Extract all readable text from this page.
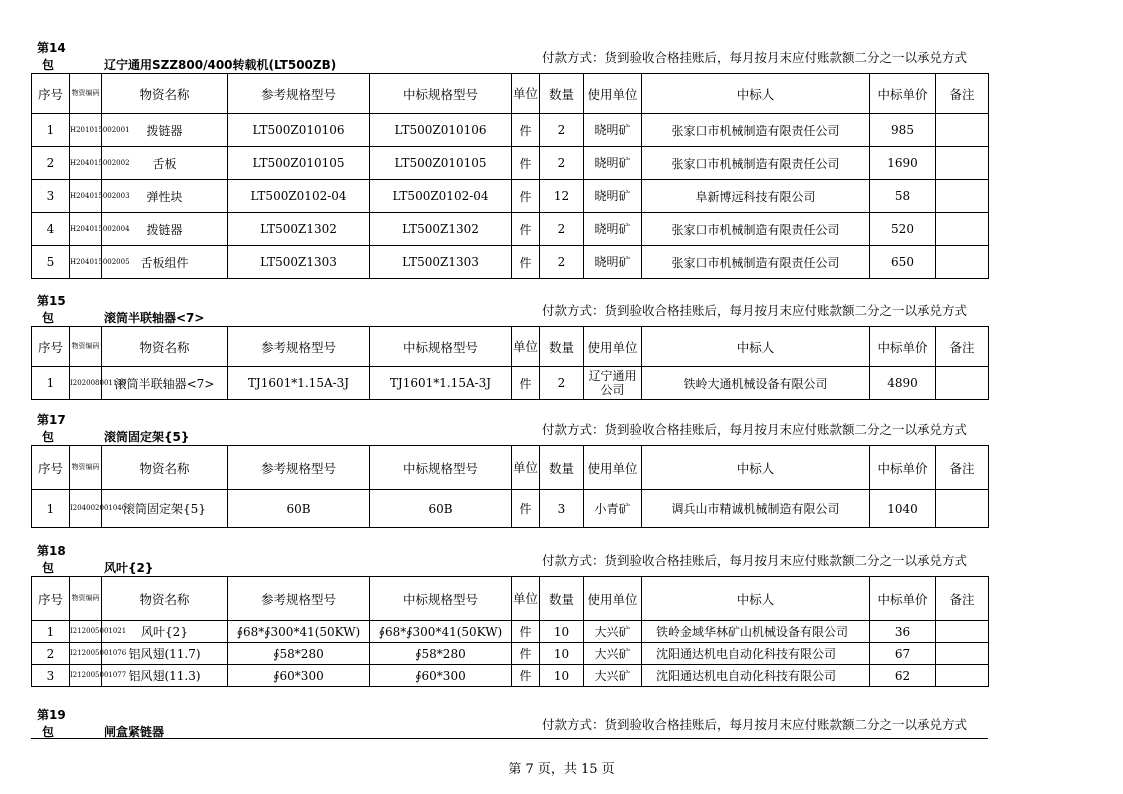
第14
包	辽宁通用SZZ800/400转载机(LT500ZB)	付款方式：货到验收合格挂账后，每月按月末应付账款额二分之一以承兑方式
序号	物资编码	物资名称	参考规格型号	中标规格型号	单位	数量	使用单位	中标人	中标单价	备注
1	H201015002001	拨链器	LT500Z010106	LT500Z010106	件	2	晓明矿	张家口市机械制造有限责任公司	985	
2	H204015002002	舌板	LT500Z010105	LT500Z010105	件	2	晓明矿	张家口市机械制造有限责任公司	1690	
3	H204015002003	弹性块	LT500Z0102-04	LT500Z0102-04	件	12	晓明矿	阜新博远科技有限公司	58	
4	H204015002004	拨链器	LT500Z1302	LT500Z1302	件	2	晓明矿	张家口市机械制造有限责任公司	520	
5	H204015002005	舌板组件	LT500Z1303	LT500Z1303	件	2	晓明矿	张家口市机械制造有限责任公司	650	
第15
包	滚筒半联轴器<7>	付款方式：货到验收合格挂账后，每月按月末应付账款额二分之一以承兑方式
序号	物资编码	物资名称	参考规格型号	中标规格型号	单位	数量	使用单位	中标人	中标单价	备注
1	I202008001139	滚筒半联轴器<7>	TJ1601*1.15A-3J	TJ1601*1.15A-3J	件	2	辽宁通用公司	铁岭大通机械设备有限公司	4890	
第17
包	滚筒固定架{5}	付款方式：货到验收合格挂账后，每月按月末应付账款额二分之一以承兑方式
序号	物资编码	物资名称	参考规格型号	中标规格型号	单位	数量	使用单位	中标人	中标单价	备注
1	I204002001040	滚筒固定架{5}	60B	60B	件	3	小青矿	调兵山市精诚机械制造有限公司	1040	
第18
包	风叶{2}	付款方式：货到验收合格挂账后，每月按月末应付账款额二分之一以承兑方式
序号	物资编码	物资名称	参考规格型号	中标规格型号	单位	数量	使用单位	中标人	中标单价	备注
1	I212005001021	风叶{2}	∮68*∮300*41(50KW)	∮68*∮300*41(50KW)	件	10	大兴矿	铁岭金域华林矿山机械设备有限公司	36	
2	I212005001076	铝风翅(11.7)	∮58*280	∮58*280	件	10	大兴矿	沈阳通达机电自动化科技有限公司	67	
3	I212005001077	铝风翅(11.3)	∮60*300	∮60*300	件	10	大兴矿	沈阳通达机电自动化科技有限公司	62	
第19
包	闸盒紧链器	付款方式：货到验收合格挂账后，每月按月末应付账款额二分之一以承兑方式
第 7 页，共 15 页
